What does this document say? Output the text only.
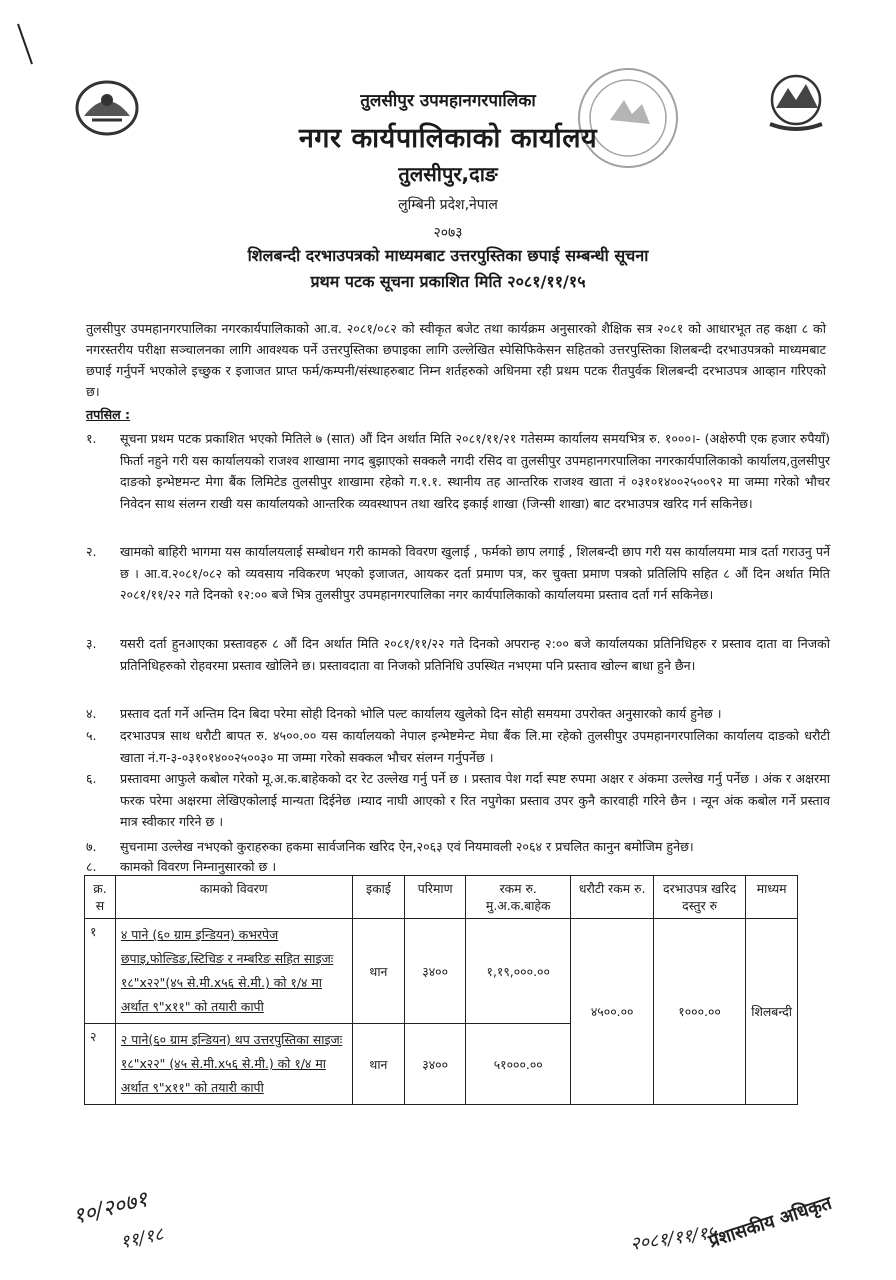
तुलसीपुर उपमहानगरपालिका
नगर कार्यपालिकाको कार्यालय
तुलसीपुर,दाङ
लुम्बिनी प्रदेश,नेपाल
२०७३
शिलबन्दी दरभाउपत्रको माध्यमबाट उत्तरपुस्तिका छपाई सम्बन्धी सूचना
प्रथम पटक सूचना प्रकाशित मिति २०८१/११/१५
तुलसीपुर उपमहानगरपालिका नगरकार्यपालिकाको आ.व. २०८१/०८२ को स्वीकृत बजेट तथा कार्यक्रम अनुसारको शैक्षिक सत्र २०८१ को आधारभूत तह कक्षा ८ को नगरस्तरीय परीक्षा सञ्चालनका लागि आवश्यक पर्ने उत्तरपुस्तिका छपाइका लागि उल्लेखित स्पेसिफिकेसन सहितको उत्तरपुस्तिका शिलबन्दी दरभाउपत्रको माध्यमबाट छपाई गर्नुपर्ने भएकोले इच्छुक र इजाजत प्राप्त फर्म/कम्पनी/संस्थाहरुबाट निम्न शर्तहरुको अधिनमा रही प्रथम पटक रीतपुर्वक शिलबन्दी दरभाउपत्र आव्हान गरिएको छ।
तपसिल :
१.	सूचना प्रथम पटक प्रकाशित भएको मितिले ७ (सात) औं दिन अर्थात मिति २०८१/११/२१ गतेसम्म कार्यालय समयभित्र रु. १०००।- (अक्षेरुपी एक हजार रुपैयाँ) फिर्ता नहुने गरी यस कार्यालयको राजश्व शाखामा नगद बुझाएको सक्कलै नगदी रसिद वा तुलसीपुर उपमहानगरपालिका नगरकार्यपालिकाको कार्यालय,तुलसीपुर दाङको इन्भेष्टमन्ट मेगा बैंक लिमिटेड तुलसीपुर शाखामा रहेको ग.१.१. स्थानीय तह आन्तरिक राजश्व खाता नं ०३१०१४००२५००९२ मा जम्मा गरेको भौचर निवेदन साथ संलग्न राखी यस कार्यालयको आन्तरिक व्यवस्थापन तथा खरिद इकाई शाखा (जिन्सी शाखा) बाट दरभाउपत्र खरिद गर्न सकिनेछ।
२.	खामको बाहिरी भागमा यस कार्यालयलाई सम्बोधन गरी कामको विवरण खुलाई , फर्मको छाप लगाई , शिलबन्दी छाप गरी यस कार्यालयमा मात्र दर्ता गराउनु पर्ने छ । आ.व.२०८१/०८२ को व्यवसाय नविकरण भएको इजाजत, आयकर दर्ता प्रमाण पत्र, कर चुक्ता प्रमाण पत्रको प्रतिलिपि सहित ८ औं दिन अर्थात मिति २०८१/११/२२ गते दिनको १२:०० बजे भित्र तुलसीपुर उपमहानगरपालिका नगर कार्यपालिकाको कार्यालयमा प्रस्ताव दर्ता गर्न सकिनेछ।
३.	यसरी दर्ता हुनआएका प्रस्तावहरु ८ औं दिन अर्थात मिति २०८१/११/२२ गते दिनको अपरान्ह २:०० बजे कार्यालयका प्रतिनिधिहरु र प्रस्ताव दाता वा निजको प्रतिनिधिहरुको रोहवरमा प्रस्ताव खोलिने छ। प्रस्तावदाता वा निजको प्रतिनिधि उपस्थित नभएमा पनि प्रस्ताव खोल्न बाधा हुने छैन।
४.	प्रस्ताव दर्ता गर्ने अन्तिम दिन बिदा परेमा सोही दिनको भोलि पल्ट कार्यालय खुलेको दिन सोही समयमा उपरोक्त अनुसारको कार्य हुनेछ ।
५.	दरभाउपत्र साथ धरौटी बापत रु. ४५००.०० यस कार्यालयको नेपाल इन्भेष्टमेन्ट मेघा बैंक लि.मा रहेको तुलसीपुर उपमहानगरपालिका कार्यालय दाङको धरौटी खाता नं.ग-३-०३१०१४००२५००३० मा जम्मा गरेको सक्कल भौचर संलग्न गर्नुपर्नेछ ।
६.	प्रस्तावमा आफुले कबोल गरेको मू.अ.क.बाहेकको दर रेट उल्लेख गर्नु पर्ने छ । प्रस्ताव पेश गर्दा स्पष्ट रुपमा अक्षर र अंकमा उल्लेख गर्नु पर्नेछ । अंक र अक्षरमा फरक परेमा अक्षरमा लेखिएकोलाई मान्यता दिईनेछ ।म्याद नाघी आएको र रित नपुगेका प्रस्ताव उपर कुनै कारवाही गरिने छैन । न्यून अंक कबोल गर्ने प्रस्ताव मात्र स्वीकार गरिने छ ।
७.	सुचनामा उल्लेख नभएको कुराहरुका हकमा सार्वजनिक खरिद ऐन,२०६३ एवं नियमावली २०६४ र प्रचलित कानुन बमोजिम हुनेछ।
८.	कामको विवरण निम्नानुसारको छ ।
क्र. स	कामको विवरण	इकाई	परिमाण	रकम रु. मु.अ.क.बाहेक	धरौटी रकम रु.	दरभाउपत्र खरिद दस्तुर रु	माध्यम
१	४ पाने (६० ग्राम इन्डियन) कभरपेज छपाइ,फोल्डिङ,स्टिचिङ र नम्बरिङ सहित साइजः १८"x२२"(४५ से.मी.x५६ से.मी.) को १/४ मा अर्थात ९"x११" को तयारी कापी	थान	३४००	१,१९,०००.००	४५००.००	१०००.००	शिलबन्दी
२	२ पाने(६० ग्राम इन्डियन) थप उत्तरपुस्तिका साइजः १८"x२२" (४५ से.मी.x५६ से.मी.) को १/४ मा अर्थात ९"x११" को तयारी कापी	थान	३४००	५१०००.००			
१०/२०७१
११/१८	२०८१/११/१५
प्रशासकीय अधिकृत
